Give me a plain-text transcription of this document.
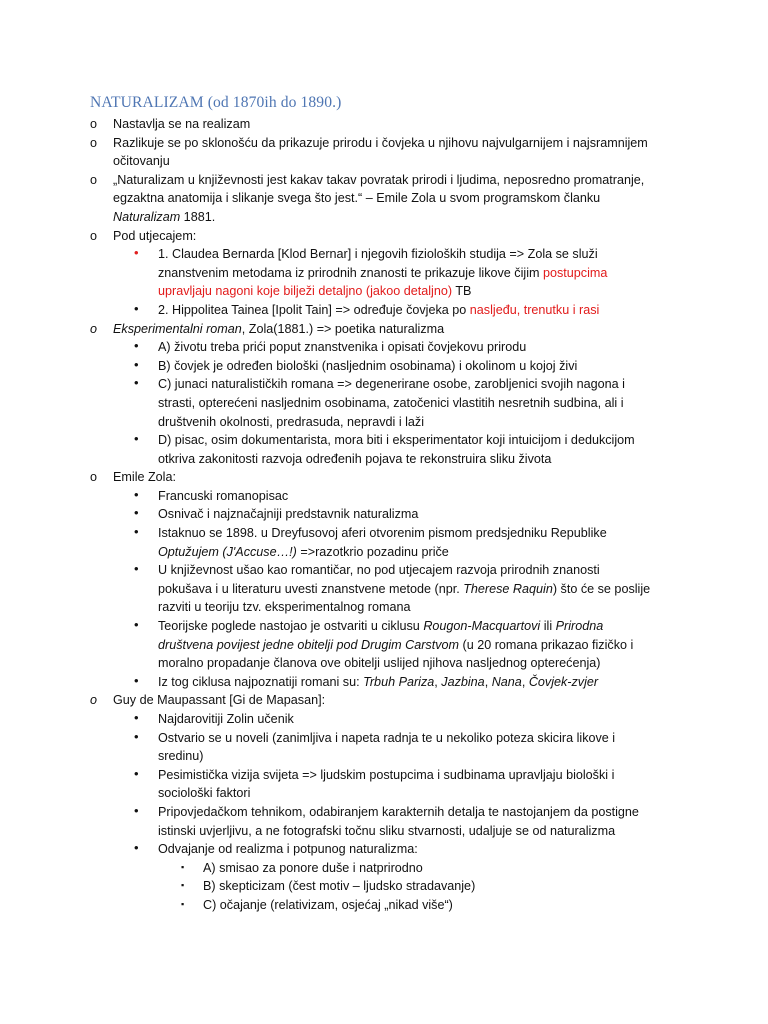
NATURALIZAM (od 1870ih do 1890.)
o Nastavlja se na realizam
o Razlikuje se po sklonošću da prikazuje prirodu i čovjeka u njihovu najvulgarnijem i najsramnijem očitovanju
o „Naturalizam u književnosti jest kakav takav povratak prirodi i ljudima, neposredno promatranje, egzaktna anatomija i slikanje svega što jest.“ – Emile Zola u svom programskom članku Naturalizam 1881.
o Pod utjecajem:
• 1. Claudea Bernarda [Klod Bernar] i njegovih fizioloških studija => Zola se služi znanstvenim metodama iz prirodnih znanosti te prikazuje likove čijim postupcima upravljaju nagoni koje bilježi detaljno (jakoo detaljno) TB
• 2. Hippolitea Tainea [Ipolit Tain] => određuje čovjeka po nasljeđu, trenutku i rasi
o Eksperimentalni roman, Zola(1881.) => poetika naturalizma
• A) životu treba prići poput znanstvenika i opisati čovjekovu prirodu
• B) čovjek je određen biološki (nasljednim osobinama) i okolinom u kojoj živi
• C) junaci naturalističkih romana => degenerirane osobe, zarobljenici svojih nagona i strasti, opterećeni nasljednim osobinama, zatočenici vlastitih nesretnih sudbina, ali i društvenih okolnosti, predrasuda, nepravdi i laži
• D) pisac, osim dokumentarista, mora biti i eksperimentator koji intuicijom i dedukcijom otkriva zakonitosti razvoja određenih pojava te rekonstruira sliku života
o Emile Zola:
• Francuski romanopisac
• Osnivač i najznačajniji predstavnik naturalizma
• Istaknuo se 1898. u Dreyfusovoj aferi otvorenim pismom predsjedniku Republike Optužujem (J'Accuse…!) =>razotkrio pozadinu priče
• U književnost ušao kao romantičar, no pod utjecajem razvoja prirodnih znanosti pokušava i u literaturu uvesti znanstvene metode (npr. Therese Raquin) što će se poslije razviti u teoriju tzv. eksperimentalnog romana
• Teorijske poglede nastojao je ostvariti u ciklusu Rougon-Macquartovi ili Prirodna društvena povijest jedne obitelji pod Drugim Carstvom (u 20 romana prikazao fizičko i moralno propadanje članova ove obitelji uslijed njihova nasljednog opterećenja)
• Iz tog ciklusa najpoznatiji romani su: Trbuh Pariza, Jazbina, Nana, Čovjek-zvjer
o Guy de Maupassant [Gi de Mapasan]:
• Najdarovitiji Zolin učenik
• Ostvario se u noveli (zanimljiva i napeta radnja te u nekoliko poteza skicira likove i sredinu)
• Pesimistička vizija svijeta => ljudskim postupcima i sudbinama upravljaju biološki i sociološki faktori
• Pripovjedačkom tehnikom, odabiranjem karakternih detalja te nastojanjem da postigne istinski uvjerljivu, a ne fotografski točnu sliku stvarnosti, udaljuje se od naturalizma
• Odvajanje od realizma i potpunog naturalizma:
▪ A) smisao za ponore duše i natprirodno
▪ B) skepticizam (čest motiv – ljudsko stradavanje)
▪ C) očajanje (relativizam, osjećaj „nikad više“)
